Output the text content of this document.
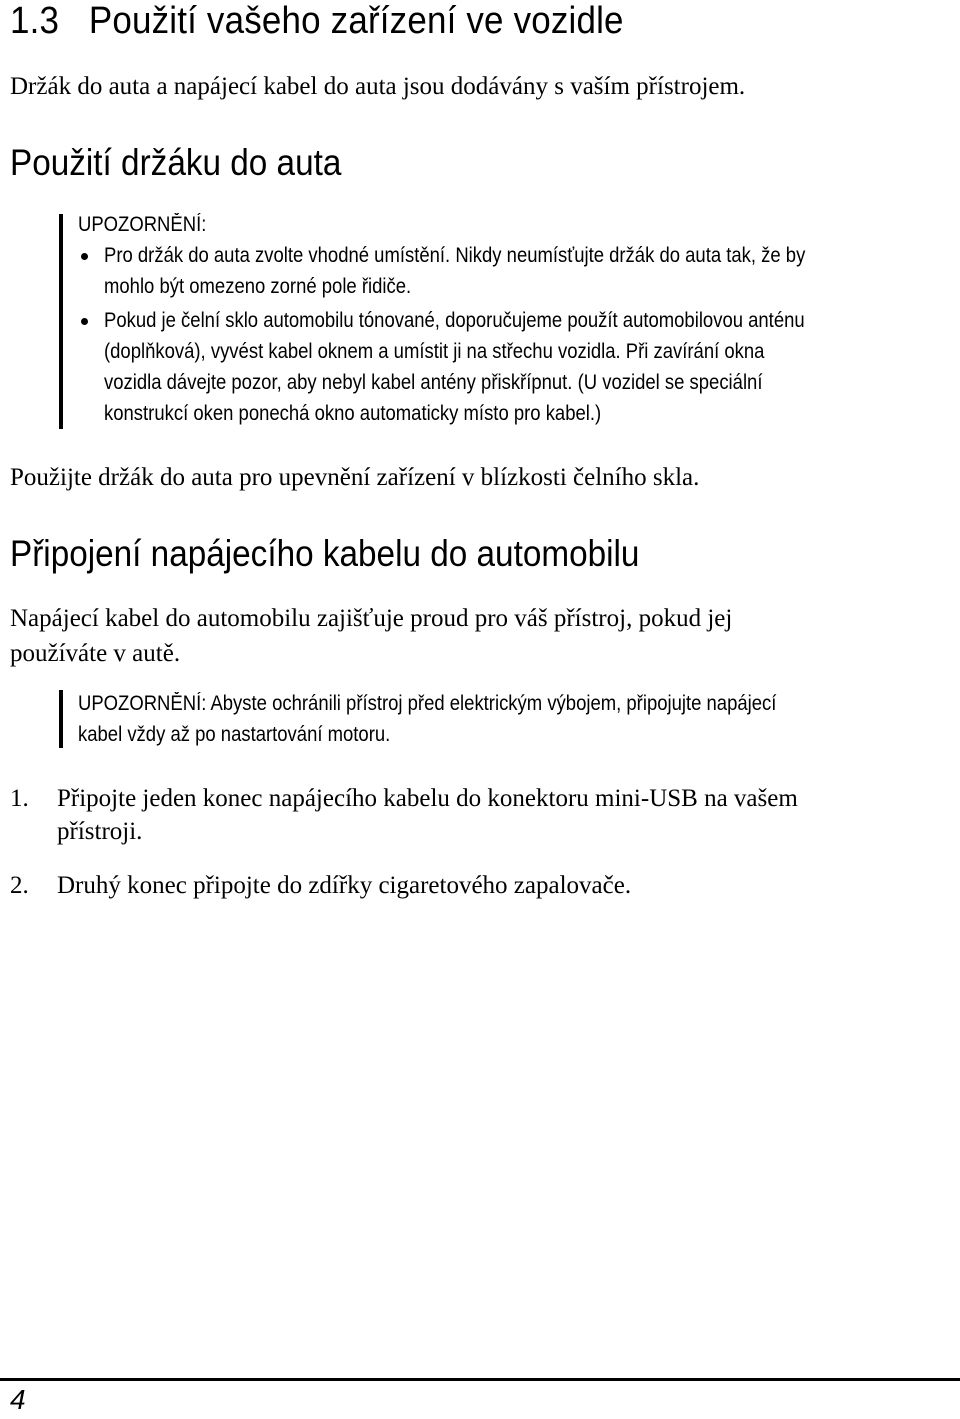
1.3 Použití vašeho zařízení ve vozidle
Držák do auta a napájecí kabel do auta jsou dodávány s vaším přístrojem.
Použití držáku do auta
UPOZORNĚNÍ:
Pro držák do auta zvolte vhodné umístění. Nikdy neumísťujte držák do auta tak, že by
mohlo být omezeno zorné pole řidiče.
Pokud je čelní sklo automobilu tónované, doporučujeme použít automobilovou anténu
(doplňková), vyvést kabel oknem a umístit ji na střechu vozidla. Při zavírání okna
vozidla dávejte pozor, aby nebyl kabel antény přiskřípnut. (U vozidel se speciální
konstrukcí oken ponechá okno automaticky místo pro kabel.)
Použijte držák do auta pro upevnění zařízení v blízkosti čelního skla.
Připojení napájecího kabelu do automobilu
Napájecí kabel do automobilu zajišťuje proud pro váš přístroj, pokud jej
používáte v autě.
UPOZORNĚNÍ: Abyste ochránili přístroj před elektrickým výbojem, připojujte napájecí
kabel vždy až po nastartování motoru.
1. Připojte jeden konec napájecího kabelu do konektoru mini-USB na vašem
přístroji.
2. Druhý konec připojte do zdířky cigaretového zapalovače.
4
